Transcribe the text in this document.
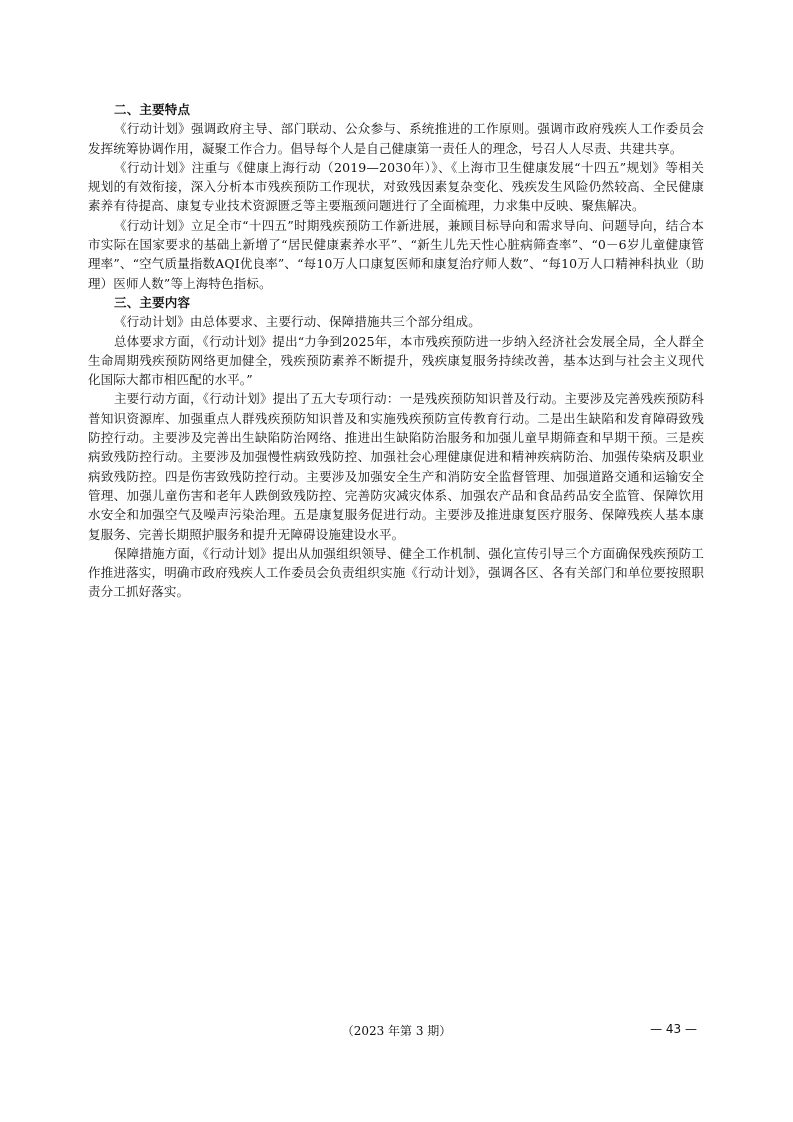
二、主要特点

《行动计划》强调政府主导、部门联动、公众参与、系统推进的工作原则。强调市政府残疾人工作委员会发挥统筹协调作用，凝聚工作合力。倡导每个人是自己健康第一责任人的理念，号召人人尽责、共建共享。

《行动计划》注重与《健康上海行动（2019—2030年）》、《上海市卫生健康发展“十四五”规划》等相关规划的有效衔接，深入分析本市残疾预防工作现状，对致残因素复杂变化、残疾发生风险仍然较高、全民健康素养有待提高、康复专业技术资源匮乏等主要瓶颈问题进行了全面梳理，力求集中反映、聚焦解决。

《行动计划》立足全市“十四五”时期残疾预防工作新进展，兼顾目标导向和需求导向、问题导向，结合本市实际在国家要求的基础上新增了“居民健康素养水平”、“新生儿先天性心脏病筛查率”、“0－6岁儿童健康管理率”、“空气质量指数AQI优良率”、“每10万人口康复医师和康复治疗师人数”、“每10万人口精神科执业（助理）医师人数”等上海特色指标。

三、主要内容

《行动计划》由总体要求、主要行动、保障措施共三个部分组成。

总体要求方面，《行动计划》提出“力争到2025年，本市残疾预防进一步纳入经济社会发展全局，全人群全生命周期残疾预防网络更加健全，残疾预防素养不断提升，残疾康复服务持续改善，基本达到与社会主义现代化国际大都市相匹配的水平。”

主要行动方面，《行动计划》提出了五大专项行动：一是残疾预防知识普及行动。主要涉及完善残疾预防科普知识资源库、加强重点人群残疾预防知识普及和实施残疾预防宣传教育行动。二是出生缺陷和发育障碍致残防控行动。主要涉及完善出生缺陷防治网络、推进出生缺陷防治服务和加强儿童早期筛查和早期干预。三是疾病致残防控行动。主要涉及加强慢性病致残防控、加强社会心理健康促进和精神疾病防治、加强传染病及职业病致残防控。四是伤害致残防控行动。主要涉及加强安全生产和消防安全监督管理、加强道路交通和运输安全管理、加强儿童伤害和老年人跌倒致残防控、完善防灾减灾体系、加强农产品和食品药品安全监管、保障饮用水安全和加强空气及噪声污染治理。五是康复服务促进行动。主要涉及推进康复医疗服务、保障残疾人基本康复服务、完善长期照护服务和提升无障碍设施建设水平。

保障措施方面，《行动计划》提出从加强组织领导、健全工作机制、强化宣传引导三个方面确保残疾预防工作推进落实，明确市政府残疾人工作委员会负责组织实施《行动计划》，强调各区、各有关部门和单位要按照职责分工抓好落实。

（2023 年第 3 期）	— 43 —
